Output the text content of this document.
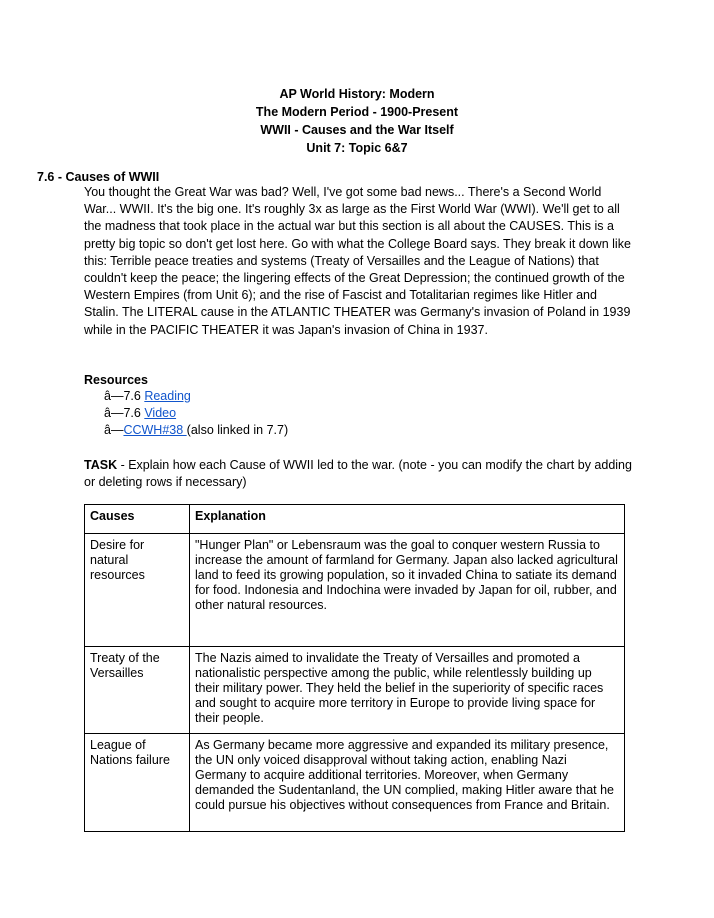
AP World History: Modern
The Modern Period - 1900-Present
WWII - Causes and the War Itself
Unit 7: Topic 6&7
7.6 - Causes of WWII

You thought the Great War was bad? Well, I've got some bad news... There's a Second World War... WWII. It's the big one. It's roughly 3x as large as the First World War (WWI). We'll get to all the madness that took place in the actual war but this section is all about the CAUSES. This is a pretty big topic so don't get lost here. Go with what the College Board says. They break it down like this: Terrible peace treaties and systems (Treaty of Versailles and the League of Nations) that couldn't keep the peace; the lingering effects of the Great Depression; the continued growth of the Western Empires (from Unit 6); and the rise of Fascist and Totalitarian regimes like Hitler and Stalin. The LITERAL cause in the ATLANTIC THEATER was Germany's invasion of Poland in 1939 while in the PACIFIC THEATER it was Japan's invasion of China in 1937.

Resources
â—7.6 Reading
â—7.6 Video
â—CCWH#38 (also linked in 7.7)

TASK - Explain how each Cause of WWII led to the war. (note - you can modify the chart by adding or deleting rows if necessary)

Causes	Explanation
Desire for natural resources	"Hunger Plan" or Lebensraum was the goal to conquer western Russia to increase the amount of farmland for Germany. Japan also lacked agricultural land to feed its growing population, so it invaded China to satiate its demand for food. Indonesia and Indochina were invaded by Japan for oil, rubber, and other natural resources.
Treaty of the Versailles	The Nazis aimed to invalidate the Treaty of Versailles and promoted a nationalistic perspective among the public, while relentlessly building up their military power. They held the belief in the superiority of specific races and sought to acquire more territory in Europe to provide living space for their people.
League of Nations failure	As Germany became more aggressive and expanded its military presence, the UN only voiced disapproval without taking action, enabling Nazi Germany to acquire additional territories. Moreover, when Germany demanded the Sudentanland, the UN complied, making Hitler aware that he could pursue his objectives without consequences from France and Britain.
